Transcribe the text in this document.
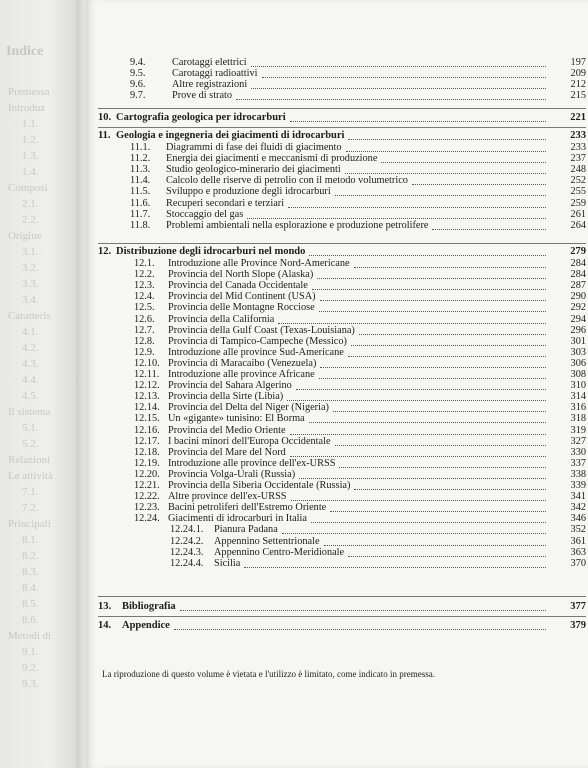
Indice
Premessa
Introduz
1.1.
1.2.
1.3.
1.4.
Composi
2.1.
2.2.
Origine
3.1.
3.2.
3.3.
3.4.
Caratteris
4.1.
4.2.
4.3.
4.4.
4.5.
Il sistema
5.1.
5.2.
Relazioni
Le attività
7.1.
7.2.
Principali
8.1.
8.2.
8.3.
8.4.
8.5.
8.6.
Metodi di
9.1.
9.2.
9.3.
9.4.	Carotaggi elettrici	197
9.5.	Carotaggi radioattivi	209
9.6.	Altre registrazioni	212
9.7.	Prove di strato	215
10. Cartografia geologica per idrocarburi	221
11. Geologia e ingegneria dei giacimenti di idrocarburi	233
11.1. Diagrammi di fase dei fluidi di giacimento	233
11.2. Energia dei giacimenti e meccanismi di produzione	237
11.3. Studio geologico-minerario dei giacimenti	248
11.4. Calcolo delle riserve di petrolio con il metodo volumetrico	252
11.5. Sviluppo e produzione degli idrocarburi	255
11.6. Recuperi secondari e terziari	259
11.7. Stoccaggio del gas	261
11.8. Problemi ambientali nella esplorazione e produzione petrolifere	264
12. Distribuzione degli idrocarburi nel mondo	279
12.1. Introduzione alle Province Nord-Americane	284
12.2. Provincia del North Slope (Alaska)	284
12.3. Provincia del Canada Occidentale	287
12.4. Provincia del Mid Continent (USA)	290
12.5. Provincia delle Montagne Rocciose	292
12.6. Provincia della California	294
12.7. Provincia della Gulf Coast (Texas-Louisiana)	296
12.8. Provincia di Tampico-Campeche (Messico)	301
12.9. Introduzione alle province Sud-Americane	303
12.10. Provincia di Maracaibo (Venezuela)	306
12.11. Introduzione alle province Africane	308
12.12. Provincia del Sahara Algerino	310
12.13. Provincia della Sirte (Libia)	314
12.14. Provincia del Delta del Niger (Nigeria)	316
12.15. Un «gigante» tunisino: El Borma	318
12.16. Provincia del Medio Oriente	319
12.17. I bacini minori dell'Europa Occidentale	327
12.18. Provincia del Mare del Nord	330
12.19. Introduzione alle province dell'ex-URSS	337
12.20. Provincia Volga-Urali (Russia)	338
12.21. Provincia della Siberia Occidentale (Russia)	339
12.22. Altre province dell'ex-URSS	341
12.23. Bacini petroliferi dell'Estremo Oriente	342
12.24. Giacimenti di idrocarburi in Italia	346
12.24.1. Pianura Padana	352
12.24.2. Appennino Settentrionale	361
12.24.3. Appennino Centro-Meridionale	363
12.24.4. Sicilia	370
13. Bibliografia	377
14. Appendice	379
La riproduzione di questo volume è vietata e l'utilizzo è limitato, come indicato in premessa.
